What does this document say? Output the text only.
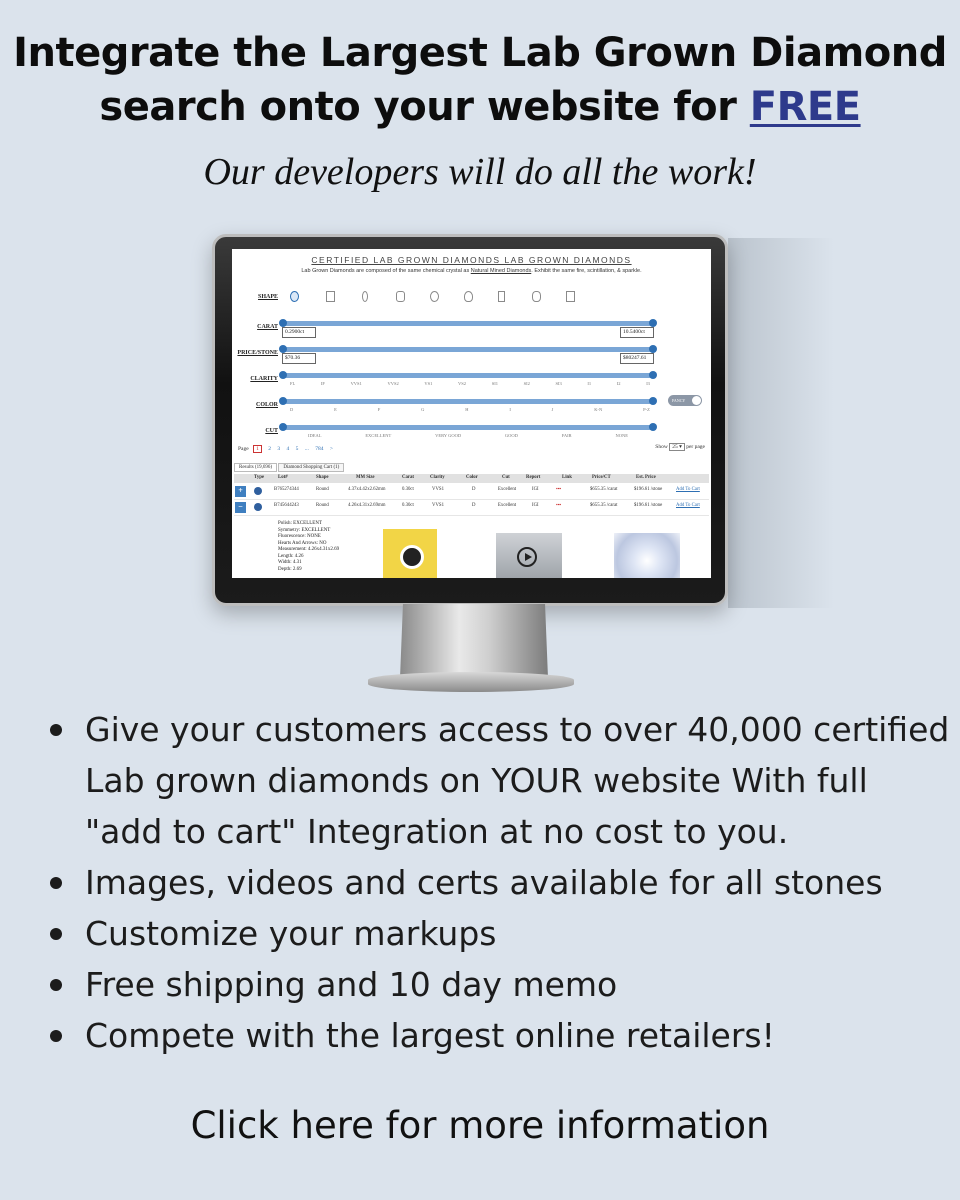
Integrate the Largest Lab Grown Diamond
search onto your website for FREE
Our developers will do all the work!
CERTIFIED LAB GROWN DIAMONDS LAB GROWN DIAMONDS
Lab Grown Diamonds are composed of the same chemical crystal as Natural Mined Diamonds. Exhibit the same fire, scintillation, & sparkle.
SHAPE
CARAT
0.2900ct	10.5400ct
PRICE/STONE
$70.36	$80247.61
CLARITY
FL	IF	VVS1	VVS2	VS1	VS2	SI1	SI2	SI3	I1	I2	I3
COLOR
D	E	F	G	H	I	J	K-N	P-Z
FANCY
CUT
IDEAL	EXCELLENT	VERY GOOD	GOOD	FAIR	NONE
Page 1 2 3 4 5 ... 784 >	Show 25 ▾ per page
Results (19,696) Diamond Shopping Cart (1)
Type	Lot#	Shape	MM Size	Carat	Clarity	Color	Cut	Report	Link	Price/CT	Est. Price
+	B765274344	Round	4.37x4.42x2.62mm	0.30ct	VVS1	D	Excellent	IGI	▪▪▪	$655.35 /carat	$196.61 /stone	Add To Cart
−	B745644243	Round	4.26x4.31x2.69mm	0.30ct	VVS1	D	Excellent	IGI	▪▪▪	$655.35 /carat	$196.61 /stone	Add To Cart
Polish: EXCELLENT
Symmetry: EXCELLENT
Fluorescence: NONE
Hearts And Arrows: NO
Measurement: 4.26x4.31x2.69
Length: 4.26
Width: 4.31
Depth: 2.69
Give your customers access to over 40,000 certified Lab grown diamonds on YOUR website With full "add to cart" Integration at no cost to you.
Images, videos and certs available for all stones
Customize your markups
Free shipping and 10 day memo
Compete with the largest online retailers!
Click here for more information
